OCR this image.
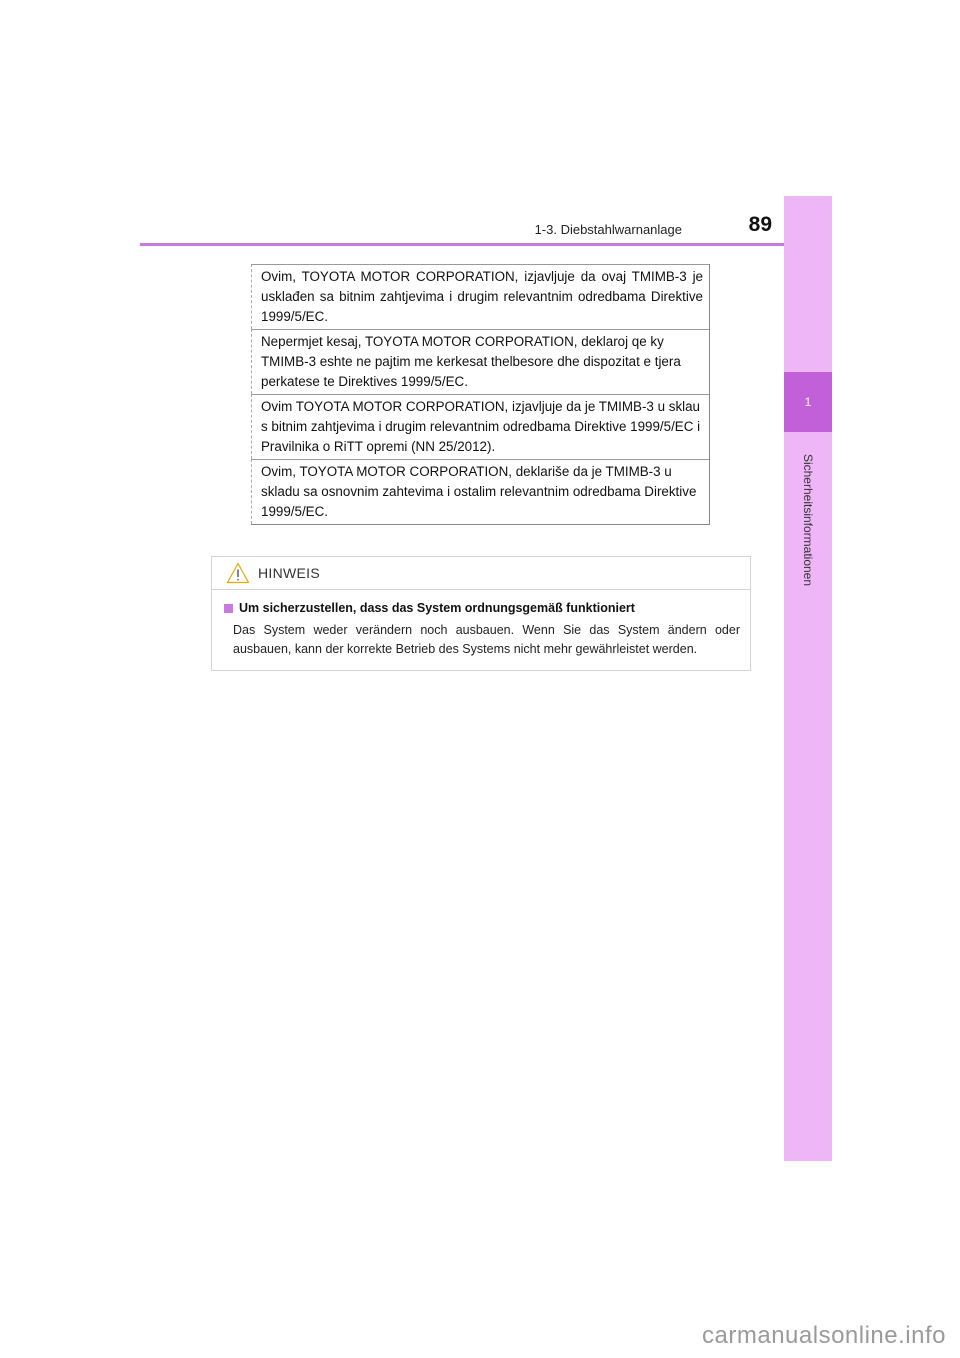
1-3. Diebstahlwarnanlage	89
1
Sicherheitsinformationen
Ovim, TOYOTA MOTOR CORPORATION, izjavljuje da ovaj TMIMB-3 je usklađen sa bitnim zahtjevima i drugim relevantnim odredbama Direktive 1999/5/EC.
Nepermjet kesaj, TOYOTA MOTOR CORPORATION, deklaroj qe ky TMIMB-3 eshte ne pajtim me kerkesat thelbesore dhe dispozitat e tjera perkatese te Direktives 1999/5/EC.
Ovim TOYOTA MOTOR CORPORATION, izjavljuje da je TMIMB-3 u sklau s bitnim zahtjevima i drugim relevantnim odredbama Direktive 1999/5/EC i Pravilnika o RiTT opremi (NN 25/2012).
Ovim, TOYOTA MOTOR CORPORATION, deklariše da je TMIMB-3 u skladu sa osnovnim zahtevima i ostalim relevantnim odredbama Direktive 1999/5/EC.
HINWEIS
Um sicherzustellen, dass das System ordnungsgemäß funktioniert
Das System weder verändern noch ausbauen. Wenn Sie das System ändern oder ausbauen, kann der korrekte Betrieb des Systems nicht mehr gewährleistet werden.
carmanualsonline.info
